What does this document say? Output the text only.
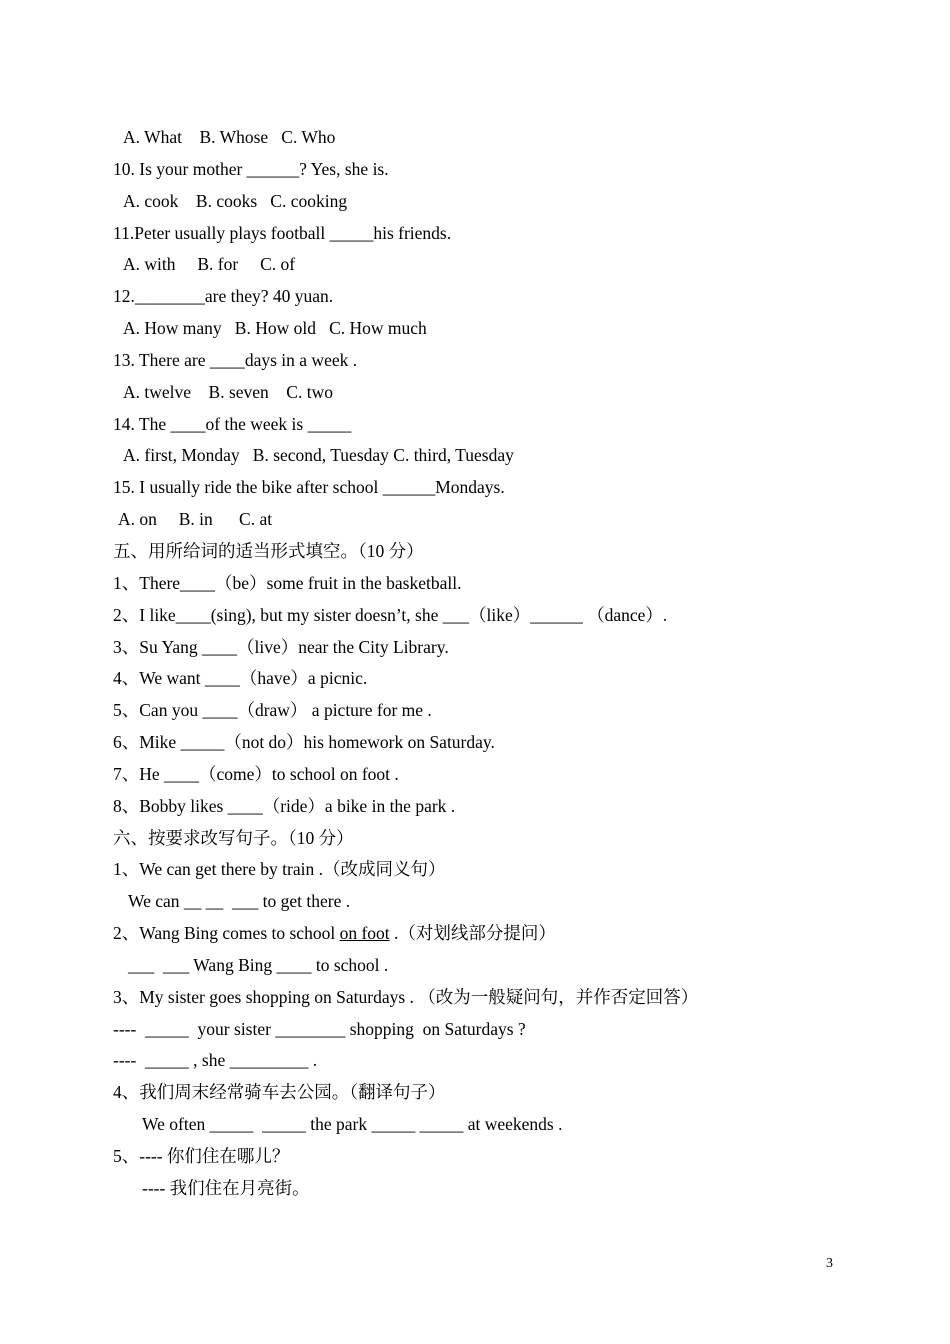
A. What    B. Whose   C. Who
10. Is your mother ______? Yes, she is.
A. cook    B. cooks   C. cooking
11.Peter usually plays football _____his friends.
A. with     B. for     C. of
12.________are they? 40 yuan.
A. How many   B. How old   C. How much
13. There are ____days in a week .
A. twelve    B. seven    C. two
14. The ____of the week is _____
A. first, Monday   B. second, Tuesday C. third, Tuesday
15. I usually ride the bike after school ______Mondays.
A. on     B. in      C. at
五、用所给词的适当形式填空。（10 分）
1、There____（be）some fruit in the basketball.
2、I like____(sing), but my sister doesn’t, she ___（like）______ （dance）.
3、Su Yang ____（live）near the City Library.
4、We want ____（have）a picnic.
5、Can you ____（draw） a picture for me .
6、Mike _____（not do）his homework on Saturday.
7、He ____（come）to school on foot .
8、Bobby likes ____（ride）a bike in the park .
六、按要求改写句子。（10 分）
1、We can get there by train .（改成同义句）
We can __ __  ___ to get there .
2、Wang Bing comes to school on foot .（对划线部分提问）
___  ___ Wang Bing ____ to school .
3、My sister goes shopping on Saturdays . （改为一般疑问句，并作否定回答）
----  _____  your sister ________ shopping  on Saturdays ?
----  _____ , she _________ .
4、我们周末经常骑车去公园。（翻译句子）
We often _____  _____ the park _____ _____ at weekends .
5、---- 你们住在哪儿？
---- 我们住在月亮街。
3
